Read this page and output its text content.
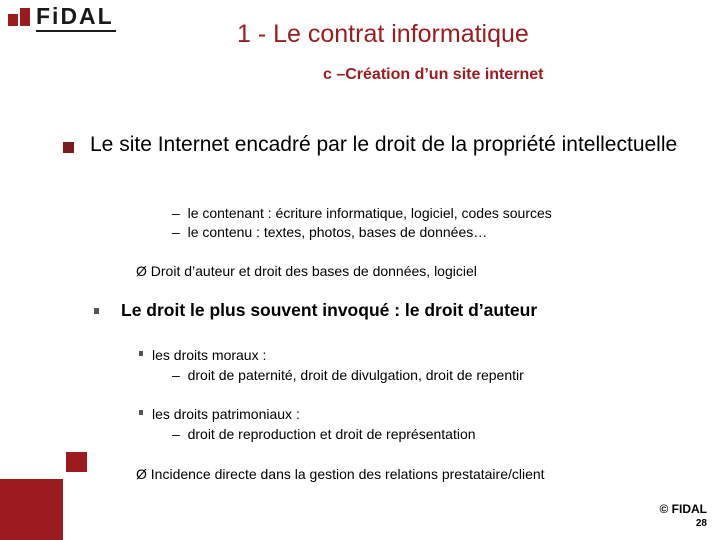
FiDAL
1 - Le contrat informatique
c –Création d’un site internet
Le site Internet encadré par le droit de la propriété intellectuelle
– le contenant : écriture informatique, logiciel, codes sources
– le contenu : textes, photos, bases de données…
Ø Droit d’auteur et droit des bases de données, logiciel
Le droit le plus souvent invoqué : le droit d’auteur
les droits moraux :
– droit de paternité, droit de divulgation, droit de repentir
les droits patrimoniaux :
– droit de reproduction et droit de représentation
Ø Incidence directe dans la gestion des relations prestataire/client
© FIDAL
28
